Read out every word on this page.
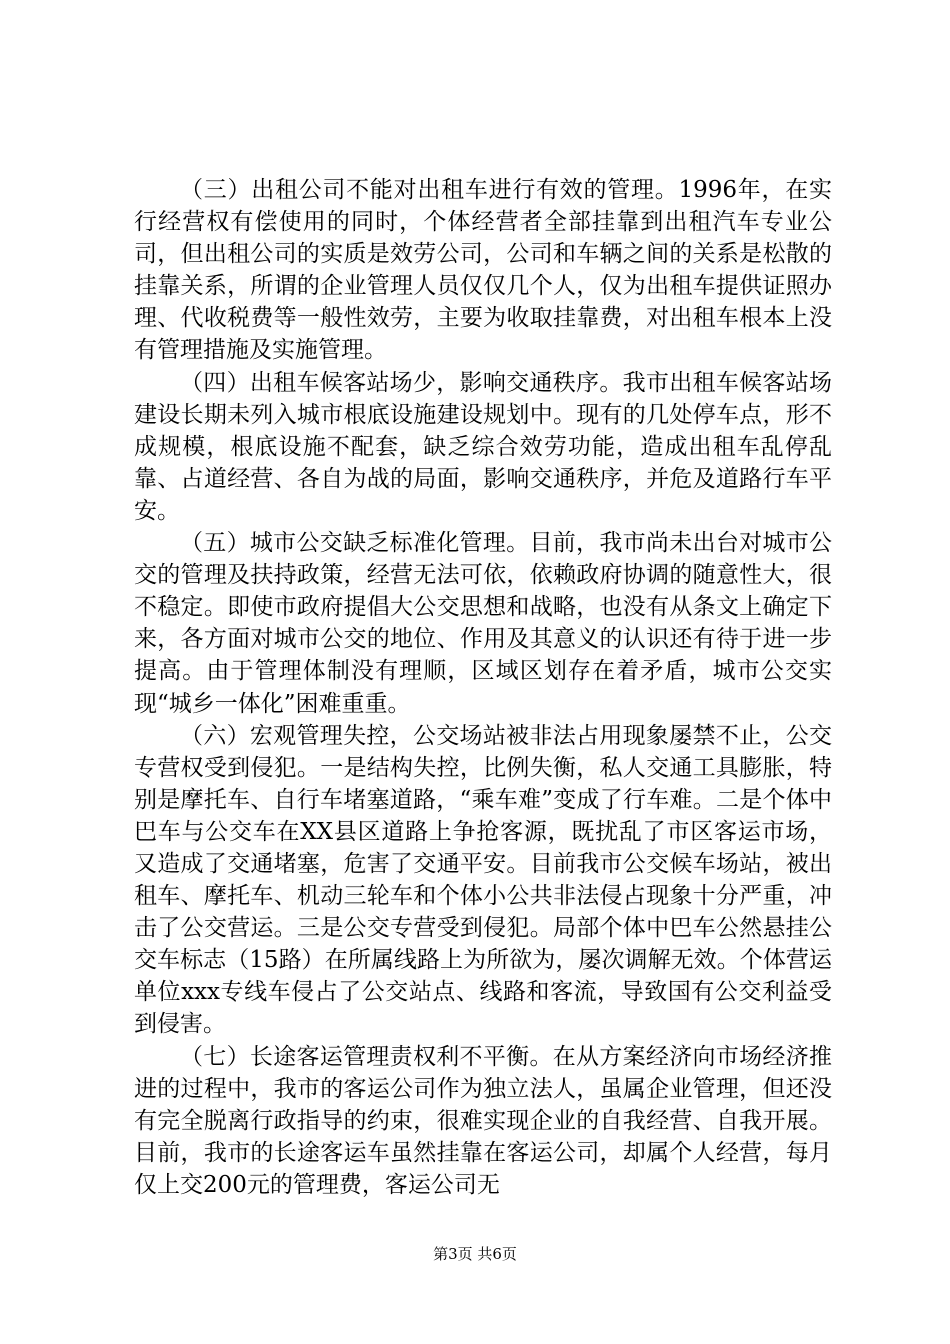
（三）出租公司不能对出租车进行有效的管理。1996年，在实行经营权有偿使用的同时，个体经营者全部挂靠到出租汽车专业公司，但出租公司的实质是效劳公司，公司和车辆之间的关系是松散的挂靠关系，所谓的企业管理人员仅仅几个人，仅为出租车提供证照办理、代收税费等一般性效劳，主要为收取挂靠费，对出租车根本上没有管理措施及实施管理。

（四）出租车候客站场少，影响交通秩序。我市出租车候客站场建设长期未列入城市根底设施建设规划中。现有的几处停车点，形不成规模，根底设施不配套，缺乏综合效劳功能，造成出租车乱停乱靠、占道经营、各自为战的局面，影响交通秩序，并危及道路行车平安。

（五）城市公交缺乏标准化管理。目前，我市尚未出台对城市公交的管理及扶持政策，经营无法可依，依赖政府协调的随意性大，很不稳定。即使市政府提倡大公交思想和战略，也没有从条文上确定下来，各方面对城市公交的地位、作用及其意义的认识还有待于进一步提高。由于管理体制没有理顺，区域区划存在着矛盾，城市公交实现“城乡一体化”困难重重。

（六）宏观管理失控，公交场站被非法占用现象屡禁不止，公交专营权受到侵犯。一是结构失控，比例失衡，私人交通工具膨胀，特别是摩托车、自行车堵塞道路，“乘车难”变成了行车难。二是个体中巴车与公交车在XX县区道路上争抢客源，既扰乱了市区客运市场，又造成了交通堵塞，危害了交通平安。目前我市公交候车场站，被出租车、摩托车、机动三轮车和个体小公共非法侵占现象十分严重，冲击了公交营运。三是公交专营受到侵犯。局部个体中巴车公然悬挂公交车标志（15路）在所属线路上为所欲为，屡次调解无效。个体营运单位xxx专线车侵占了公交站点、线路和客流，导致国有公交利益受到侵害。

（七）长途客运管理责权利不平衡。在从方案经济向市场经济推进的过程中，我市的客运公司作为独立法人，虽属企业管理，但还没有完全脱离行政指导的约束，很难实现企业的自我经营、自我开展。目前，我市的长途客运车虽然挂靠在客运公司，却属个人经营，每月仅上交200元的管理费，客运公司无

第3页 共6页
